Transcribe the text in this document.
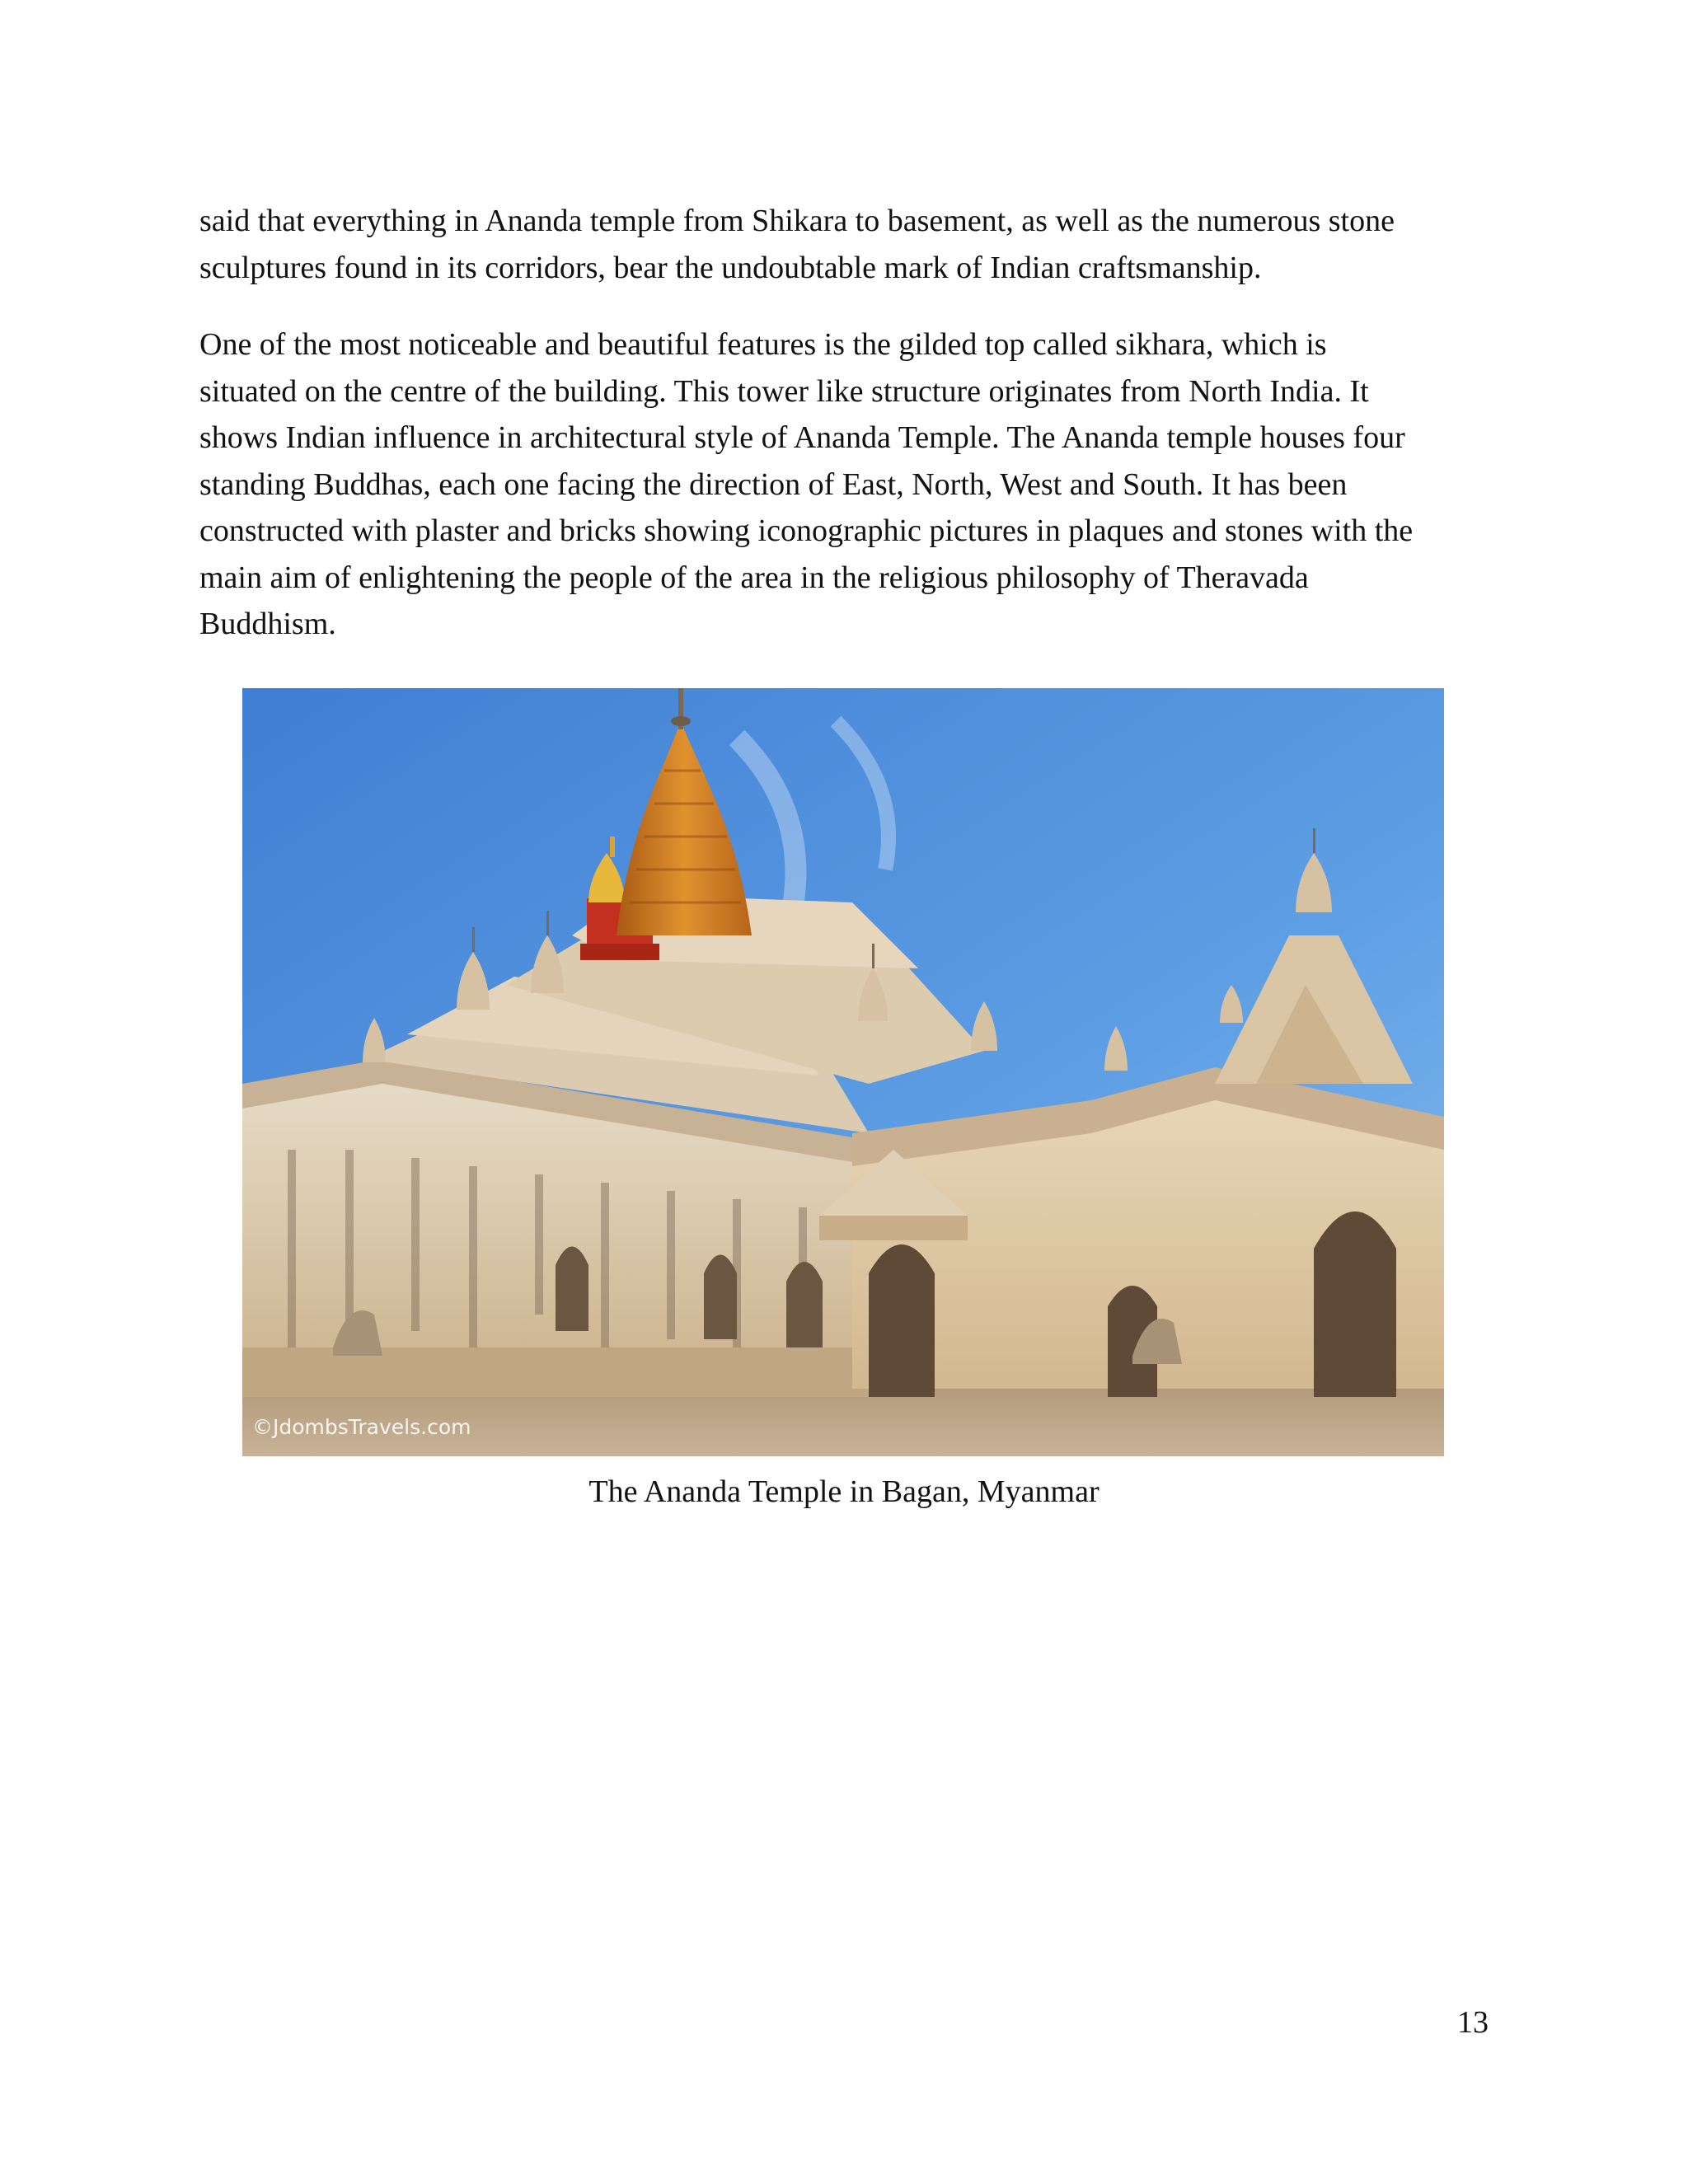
said that everything in Ananda temple from Shikara to basement, as well as the numerous stone
sculptures found in its corridors, bear the undoubtable mark of Indian craftsmanship.

One of the most noticeable and beautiful features is the gilded top called sikhara, which is
situated on the centre of the building. This tower like structure originates from North India. It
shows Indian influence in architectural style of Ananda Temple. The Ananda temple houses four
standing Buddhas, each one facing the direction of East, North, West and South. It has been
constructed with plaster and bricks showing iconographic pictures in plaques and stones with the
main aim of enlightening the people of the area in the religious philosophy of Theravada
Buddhism.

©JdombsTravels.com

The Ananda Temple in Bagan, Myanmar

13
